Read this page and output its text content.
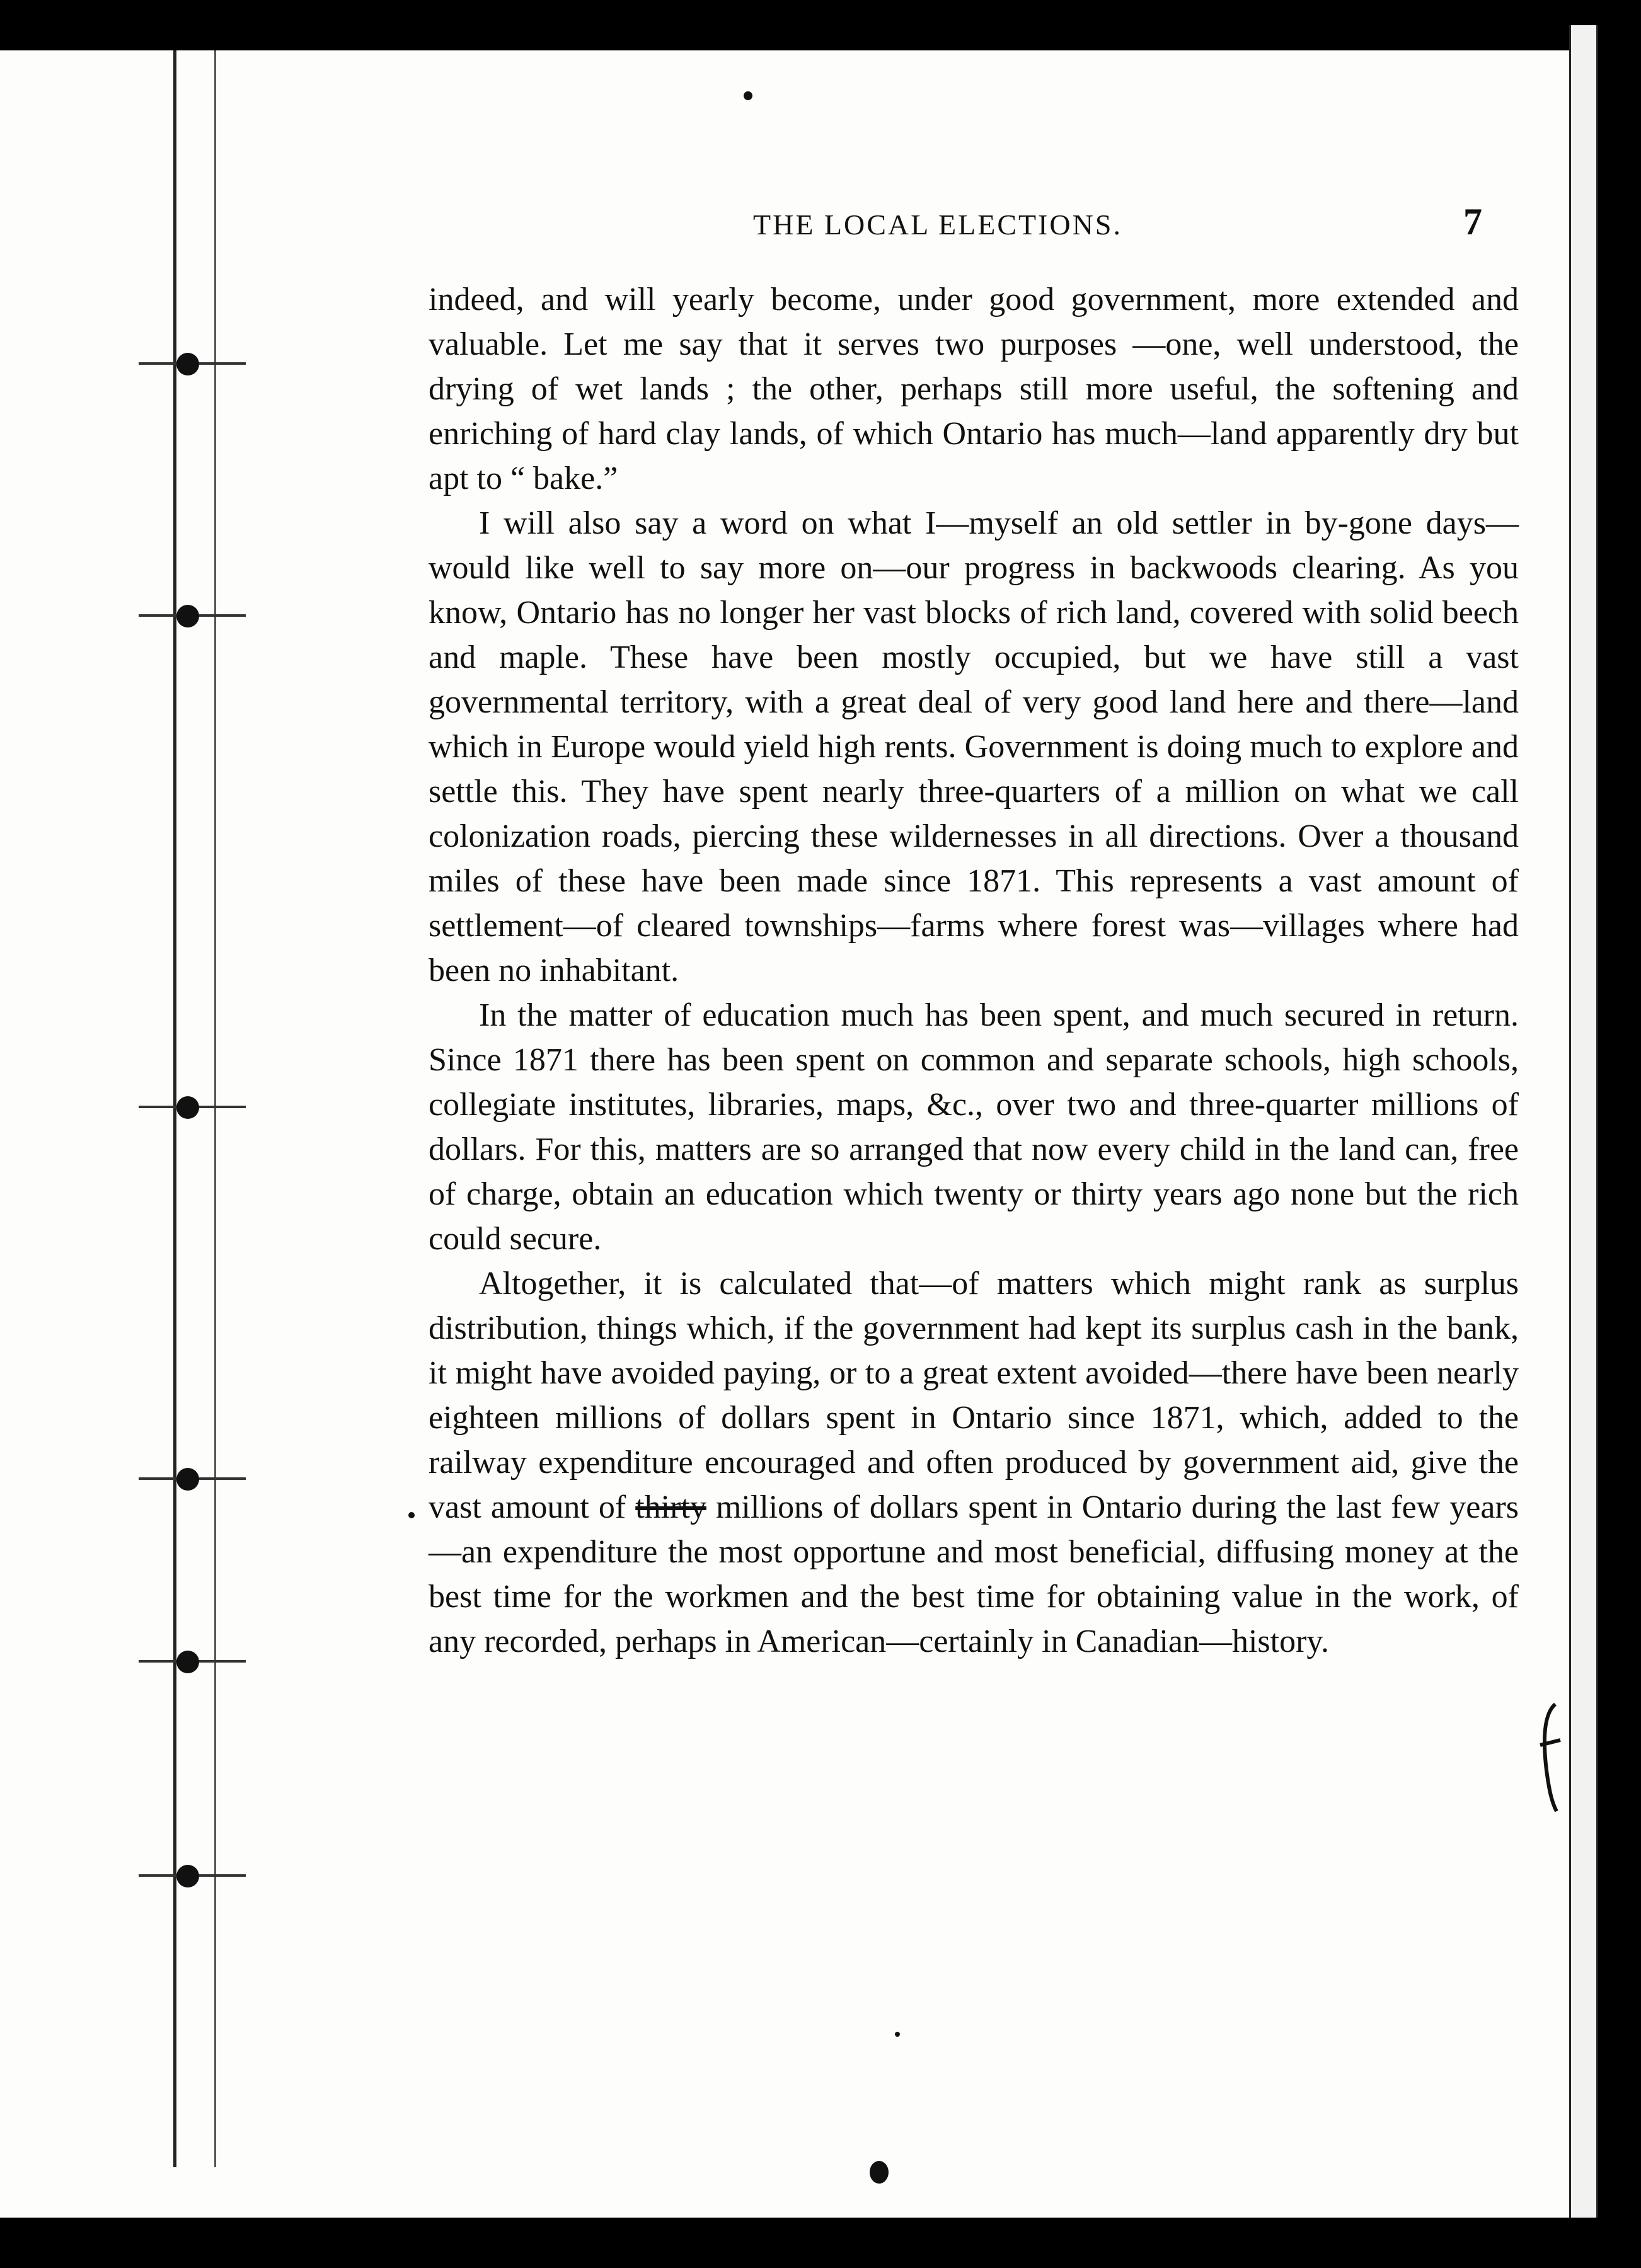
THE LOCAL ELECTIONS.	7

indeed, and will yearly become, under good government, more extended and valuable. Let me say that it serves two purposes —one, well understood, the drying of wet lands ; the other, perhaps still more useful, the softening and enriching of hard clay lands, of which Ontario has much—land apparently dry but apt to “ bake.”

I will also say a word on what I—myself an old settler in by-gone days—would like well to say more on—our progress in backwoods clearing. As you know, Ontario has no longer her vast blocks of rich land, covered with solid beech and maple. These have been mostly occupied, but we have still a vast governmental territory, with a great deal of very good land here and there—land which in Europe would yield high rents. Government is doing much to explore and settle this. They have spent nearly three-quarters of a million on what we call colonization roads, piercing these wildernesses in all directions. Over a thousand miles of these have been made since 1871. This represents a vast amount of settlement—of cleared townships—farms where forest was—villages where had been no inhabitant.

In the matter of education much has been spent, and much secured in return. Since 1871 there has been spent on common and separate schools, high schools, collegiate institutes, libraries, maps, &c., over two and three-quarter millions of dollars. For this, matters are so arranged that now every child in the land can, free of charge, obtain an education which twenty or thirty years ago none but the rich could secure.

Altogether, it is calculated that—of matters which might rank as surplus distribution, things which, if the government had kept its surplus cash in the bank, it might have avoided paying, or to a great extent avoided—there have been nearly eighteen millions of dollars spent in Ontario since 1871, which, added to the railway expenditure encouraged and often produced by government aid, give the vast amount of thirty millions of dollars spent in Ontario during the last few years—an expenditure the most opportune and most beneficial, diffusing money at the best time for the workmen and the best time for obtaining value in the work, of any recorded, perhaps in American—certainly in Canadian—history.
